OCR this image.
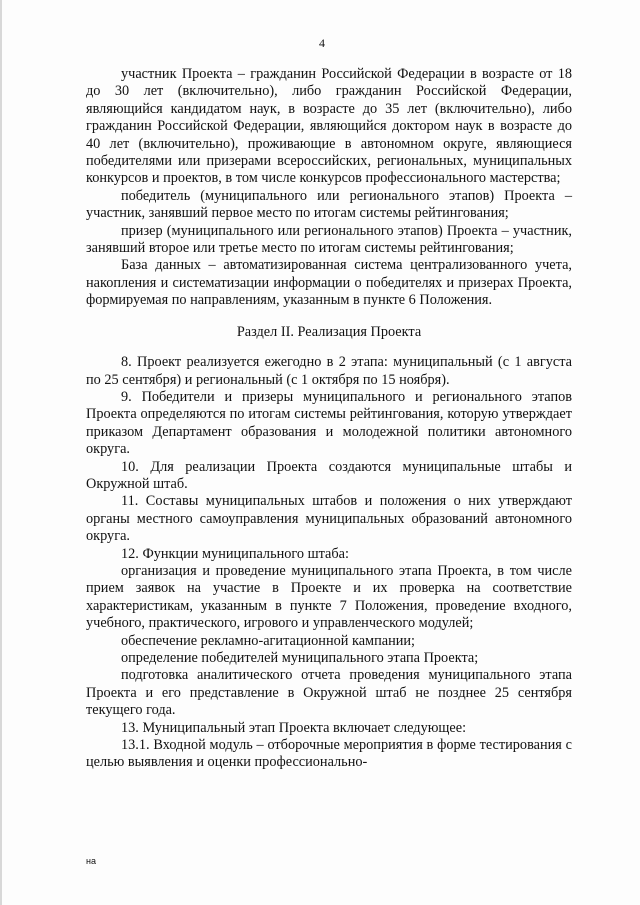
4

участник Проекта – гражданин Российской Федерации в возрасте от 18 до 30 лет (включительно), либо гражданин Российской Федерации, являющийся кандидатом наук, в возрасте до 35 лет (включительно), либо гражданин Российской Федерации, являющийся доктором наук в возрасте до 40 лет (включительно), проживающие в автономном округе, являющиеся победителями или призерами всероссийских, региональных, муниципальных конкурсов и проектов, в том числе конкурсов профессионального мастерства;

победитель (муниципального или регионального этапов) Проекта – участник, занявший первое место по итогам системы рейтингования;

призер (муниципального или регионального этапов) Проекта – участник, занявший второе или третье место по итогам системы рейтингования;

База данных – автоматизированная система централизованного учета, накопления и систематизации информации о победителях и призерах Проекта, формируемая по направлениям, указанным в пункте 6 Положения.

Раздел II. Реализация Проекта

8. Проект реализуется ежегодно в 2 этапа: муниципальный (с 1 августа по 25 сентября) и региональный (с 1 октября по 15 ноября).

9. Победители и призеры муниципального и регионального этапов Проекта определяются по итогам системы рейтингования, которую утверждает приказом Департамент образования и молодежной политики автономного округа.

10. Для реализации Проекта создаются муниципальные штабы и Окружной штаб.

11. Составы муниципальных штабов и положения о них утверждают органы местного самоуправления муниципальных образований автономного округа.

12. Функции муниципального штаба:

организация и проведение муниципального этапа Проекта, в том числе прием заявок на участие в Проекте и их проверка на соответствие характеристикам, указанным в пункте 7 Положения, проведение входного, учебного, практического, игрового и управленческого модулей;

обеспечение рекламно-агитационной кампании;

определение победителей муниципального этапа Проекта;

подготовка аналитического отчета проведения муниципального этапа Проекта и его представление в Окружной штаб не позднее 25 сентября текущего года.

13. Муниципальный этап Проекта включает следующее:

13.1. Входной модуль – отборочные мероприятия в форме тестирования с целью выявления и оценки профессионально-

на
